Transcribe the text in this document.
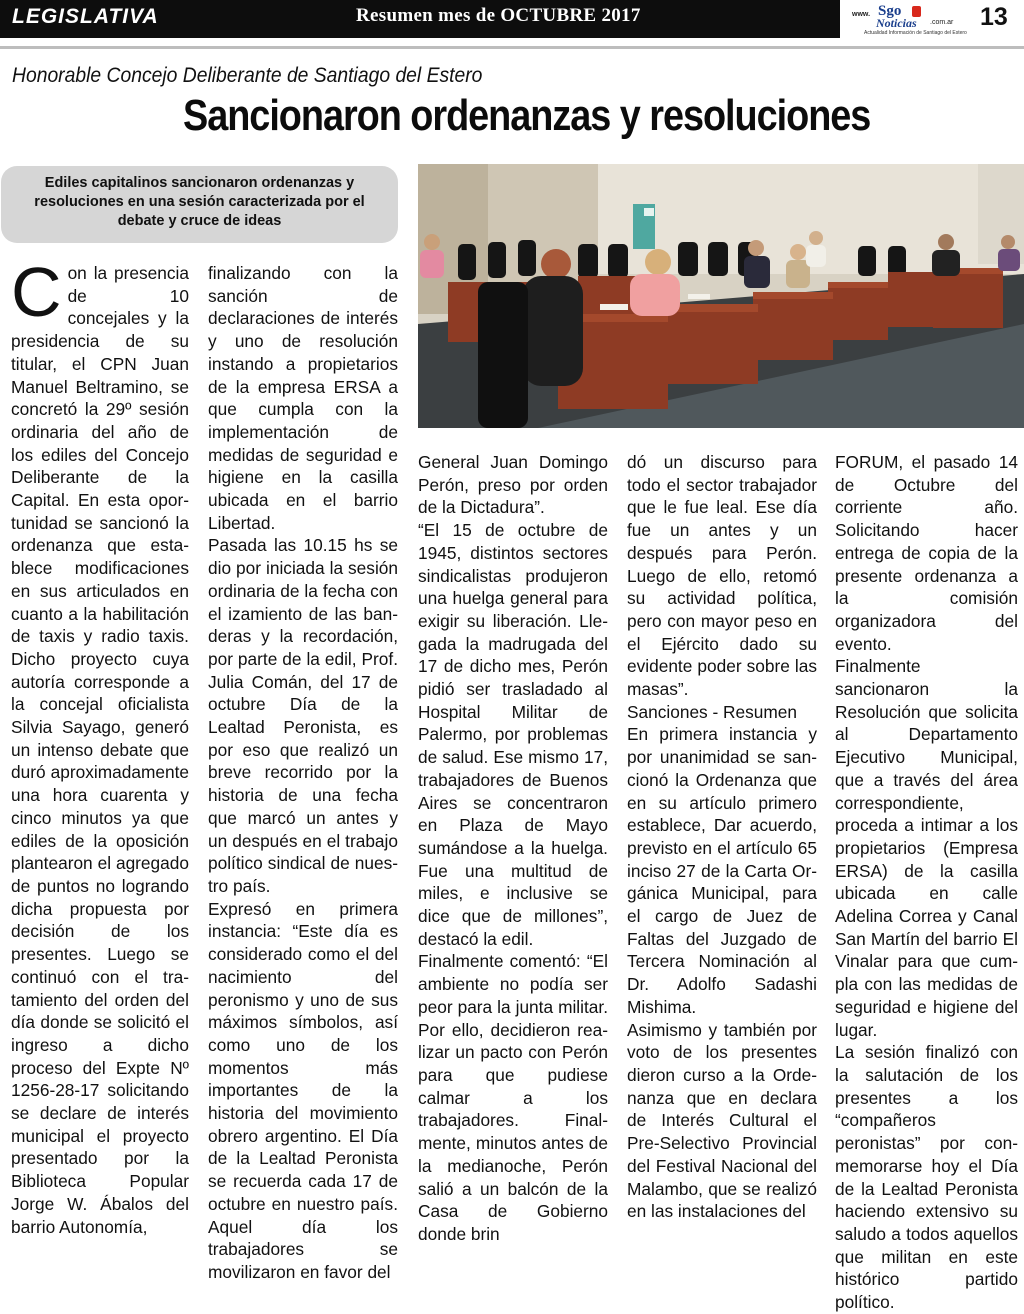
LEGISLATIVA	Resumen mes de OCTUBRE 2017	www. Sgo
Noticias .com.ar
Actualidad Información de Santiago del Estero
13
Honorable Concejo Deliberante de Santiago del Estero
Sancionaron ordenanzas y resoluciones

Ediles capitalinos sancionaron ordenanzas y resoluciones en una sesión caracterizada por el debate y cruce de ideas

Con la presencia de 10 concejales y la presidencia de su titular, el CPN Juan Manuel Beltramino, se concretó la 29º sesión ordinaria del año de los ediles del Concejo Deliberante de la Capital. En esta oportunidad se sancionó la ordenanza que establece modificaciones en sus articulados en cuanto a la habilitación de taxis y radio taxis. Dicho proyecto cuya autoría corresponde a la concejal oficialista Silvia Sayago, generó un intenso debate que duró aproximadamente una hora cuarenta y cinco minutos ya que ediles de la oposición plantearon el agregado de puntos no logrando dicha propuesta por decisión de los presentes. Luego se continuó con el tratamiento del orden del día donde se solicitó el ingreso a dicho proceso del Expte Nº 1256-28-17 solicitando se declare de interés municipal el proyecto presentado por la Biblioteca Popular Jorge W. Ábalos del barrio Autonomía,

finalizando con la sanción de declaraciones de interés y uno de resolución instando a propietarios de la empresa ERSA a que cumpla con la implementación de medidas de seguridad e higiene en la casilla ubicada en el barrio Libertad.

Pasada las 10.15 hs se dio por iniciada la sesión ordinaria de la fecha con el izamiento de las banderas y la recordación, por parte de la edil, Prof. Julia Comán, del 17 de octubre Día de la Lealtad Peronista, es por eso que realizó un breve recorrido por la historia de una fecha que marcó un antes y un después en el trabajo político sindical de nuestro país.

Expresó en primera instancia: “Este día es considerado como el del nacimiento del peronismo y uno de sus máximos símbolos, así como uno de los momentos más importantes de la historia del movimiento obrero argentino. El Día de la Lealtad Peronista se recuerda cada 17 de octubre en nuestro país. Aquel día los trabajadores se movilizaron en favor del

General Juan Domingo Perón, preso por orden de la Dictadura”.

“El 15 de octubre de 1945, distintos sectores sindicalistas produjeron una huelga general para exigir su liberación. Llegada la madrugada del 17 de dicho mes, Perón pidió ser trasladado al Hospital Militar de Palermo, por problemas de salud. Ese mismo 17, trabajadores de Buenos Aires se concentraron en Plaza de Mayo sumándose a la huelga. Fue una multitud de miles, e inclusive se dice que de millones”, destacó la edil.

Finalmente comentó: “El ambiente no podía ser peor para la junta militar. Por ello, decidieron realizar un pacto con Perón para que pudiese calmar a los trabajadores. Finalmente, minutos antes de la medianoche, Perón salió a un balcón de la Casa de Gobierno donde brin

dó un discurso para todo el sector trabajador que le fue leal. Ese día fue un antes y un después para Perón. Luego de ello, retomó su actividad política, pero con mayor peso en el Ejército dado su evidente poder sobre las masas”.

Sanciones - Resumen

En primera instancia y por unanimidad se sancionó la Ordenanza que en su artículo primero establece, Dar acuerdo, previsto en el artículo 65 inciso 27 de la Carta Orgánica Municipal, para el cargo de Juez de Faltas del Juzgado de Tercera Nominación al Dr. Adolfo Sadashi Mishima.

Asimismo y también por voto de los presentes dieron curso a la Ordenanza que en declara de Interés Cultural el Pre-Selectivo Provincial del Festival Nacional del Malambo, que se realizó en las instalaciones del

FORUM, el pasado 14 de Octubre del corriente año. Solicitando hacer entrega de copia de la presente ordenanza a la comisión organizadora del evento.

Finalmente sancionaron la Resolución que solicita al Departamento Ejecutivo Municipal, que a través del área correspondiente, proceda a intimar a los propietarios (Empresa ERSA) de la casilla ubicada en calle Adelina Correa y Canal San Martín del barrio El Vinalar para que cumpla con las medidas de seguridad e higiene del lugar.

La sesión finalizó con la salutación de los presentes a los “compañeros peronistas” por conmemorarse hoy el Día de la Lealtad Peronista haciendo extensivo su saludo a todos aquellos que militan en este histórico partido político.
